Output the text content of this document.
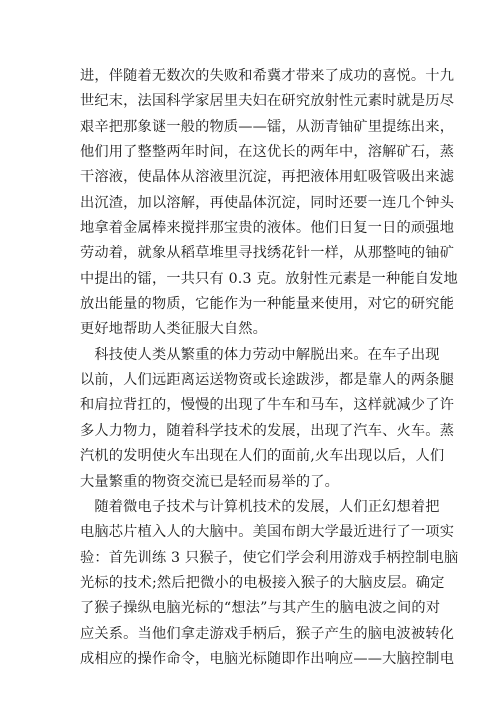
进，伴随着无数次的失败和希冀才带来了成功的喜悦。十九
世纪末，法国科学家居里夫妇在研究放射性元素时就是历尽
艰辛把那象谜一般的物质——镭，从沥青铀矿里提练出来，
他们用了整整两年时间，在这优长的两年中，溶解矿石，蒸
干溶液，使晶体从溶液里沉淀，再把液体用虹吸管吸出来滤
出沉渣，加以溶解，再使晶体沉淀，同时还要一连几个钟头
地拿着金属棒来搅拌那宝贵的液体。他们日复一日的顽强地
劳动着，就象从稻草堆里寻找绣花针一样，从那整吨的铀矿
中提出的镭，一共只有 0.3 克。放射性元素是一种能自发地
放出能量的物质，它能作为一种能量来使用，对它的研究能
更好地帮助人类征服大自然。
　科技使人类从繁重的体力劳动中解脱出来。在车子出现
以前，人们远距离运送物资或长途跋涉，都是靠人的两条腿
和肩拉背扛的，慢慢的出现了牛车和马车，这样就减少了许
多人力物力，随着科学技术的发展，出现了汽车、火车。蒸
汽机的发明使火车出现在人们的面前,火车出现以后，人们
大量繁重的物资交流已是轻而易举的了。
　随着微电子技术与计算机技术的发展，人们正幻想着把
电脑芯片植入人的大脑中。美国布朗大学最近进行了一项实
验：首先训练 3 只猴子，使它们学会利用游戏手柄控制电脑
光标的技术;然后把微小的电极接入猴子的大脑皮层。确定
了猴子操纵电脑光标的“想法”与其产生的脑电波之间的对
应关系。当他们拿走游戏手柄后，猴子产生的脑电波被转化
成相应的操作命令，电脑光标随即作出响应——大脑控制电
